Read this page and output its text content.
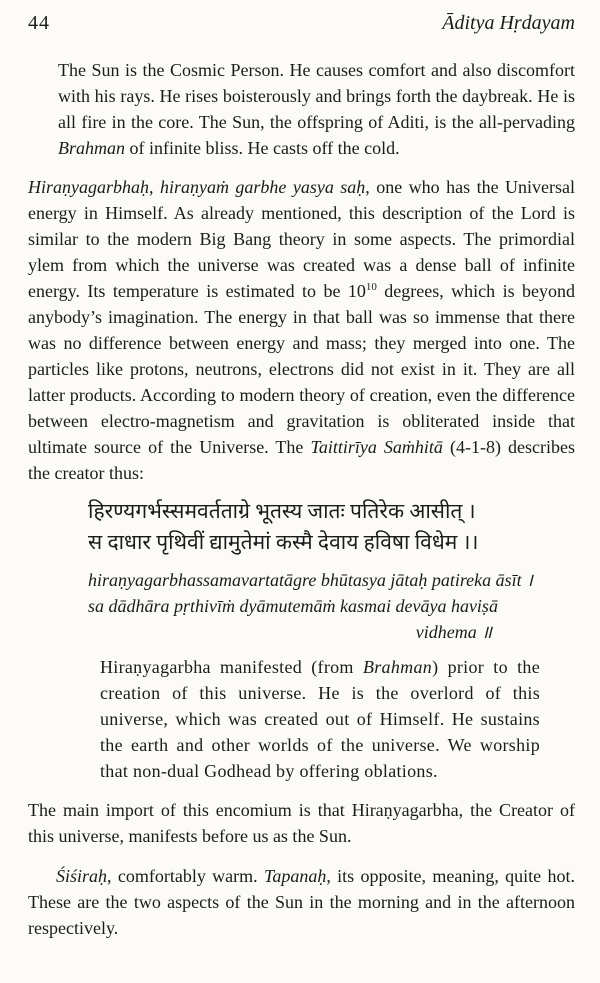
44	Āditya Hṛdayam

The Sun is the Cosmic Person. He causes comfort and also discomfort with his rays. He rises boisterously and brings forth the daybreak. He is all fire in the core. The Sun, the offspring of Aditi, is the all-pervading Brahman of infinite bliss. He casts off the cold.

Hiraṇyagarbhaḥ, hiraṇyaṁ garbhe yasya saḥ, one who has the Universal energy in Himself. As already mentioned, this description of the Lord is similar to the modern Big Bang theory in some aspects. The primordial ylem from which the universe was created was a dense ball of infinite energy. Its temperature is estimated to be $10^{10}$ degrees, which is beyond anybody’s imagination. The energy in that ball was so immense that there was no difference between energy and mass; they merged into one. The particles like protons, neutrons, electrons did not exist in it. They are all latter products. According to modern theory of creation, even the difference between electro-magnetism and gravitation is obliterated inside that ultimate source of the Universe. The Taittirīya Saṁhitā (4-1-8) describes the creator thus:

हिरण्यगर्भस्समवर्तताग्रे भूतस्य जातः पतिरेक आसीत् ।
स दाधार पृथिवीं द्यामुतेमां कस्मै देवाय हविषा विधेम ।।
hiraṇyagarbhassamavartatāgre bhūtasya jātaḥ patireka āsīt ।
sa dādhāra pṛthivīṁ dyāmutemāṁ kasmai devāya haviṣā
vidhema ॥

Hiraṇyagarbha manifested (from Brahman) prior to the creation of this universe. He is the overlord of this universe, which was created out of Himself. He sustains the earth and other worlds of the universe. We worship that non-dual Godhead by offering oblations.

The main import of this encomium is that Hiraṇyagarbha, the Creator of this universe, manifests before us as the Sun.

Śiśiraḥ, comfortably warm. Tapanaḥ, its opposite, meaning, quite hot. These are the two aspects of the Sun in the morning and in the afternoon respectively.
